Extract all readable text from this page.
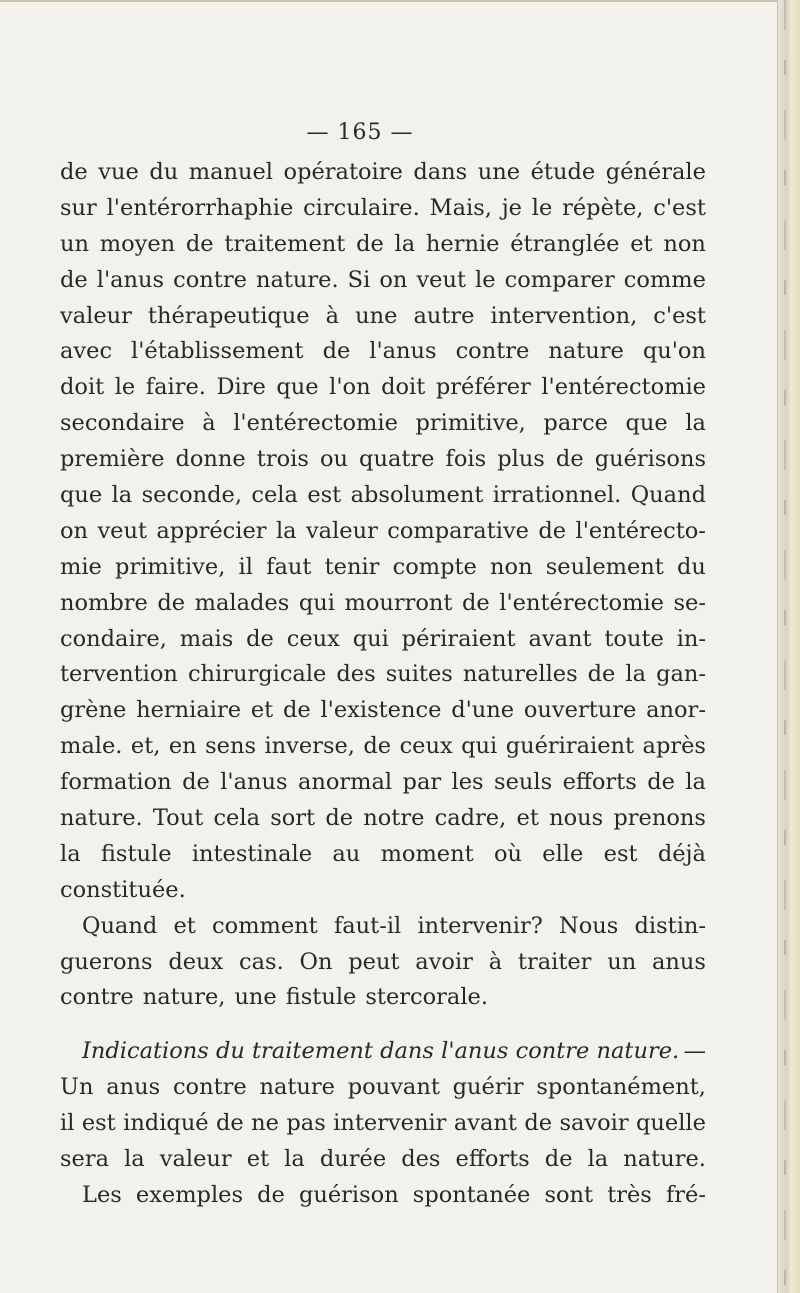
— 165 —
de vue du manuel opératoire dans une étude générale
sur l'entérorrhaphie circulaire. Mais, je le répète, c'est
un moyen de traitement de la hernie étranglée et non
de l'anus contre nature. Si on veut le comparer comme
valeur thérapeutique à une autre intervention, c'est
avec l'établissement de l'anus contre nature qu'on
doit le faire. Dire que l'on doit préférer l'entérectomie
secondaire à l'entérectomie primitive, parce que la
première donne trois ou quatre fois plus de guérisons
que la seconde, cela est absolument irrationnel. Quand
on veut apprécier la valeur comparative de l'entérecto-
mie primitive, il faut tenir compte non seulement du
nombre de malades qui mourront de l'entérectomie se-
condaire, mais de ceux qui périraient avant toute in-
tervention chirurgicale des suites naturelles de la gan-
grène herniaire et de l'existence d'une ouverture anor-
male. et, en sens inverse, de ceux qui guériraient après
formation de l'anus anormal par les seuls efforts de la
nature. Tout cela sort de notre cadre, et nous prenons
la fistule intestinale au moment où elle est déjà
constituée.
Quand et comment faut-il intervenir? Nous distin-
guerons deux cas. On peut avoir à traiter un anus
contre nature, une fistule stercorale.
Indications du traitement dans l'anus contre nature. —
Un anus contre nature pouvant guérir spontanément,
il est indiqué de ne pas intervenir avant de savoir quelle
sera la valeur et la durée des efforts de la nature.
Les exemples de guérison spontanée sont très fré-
